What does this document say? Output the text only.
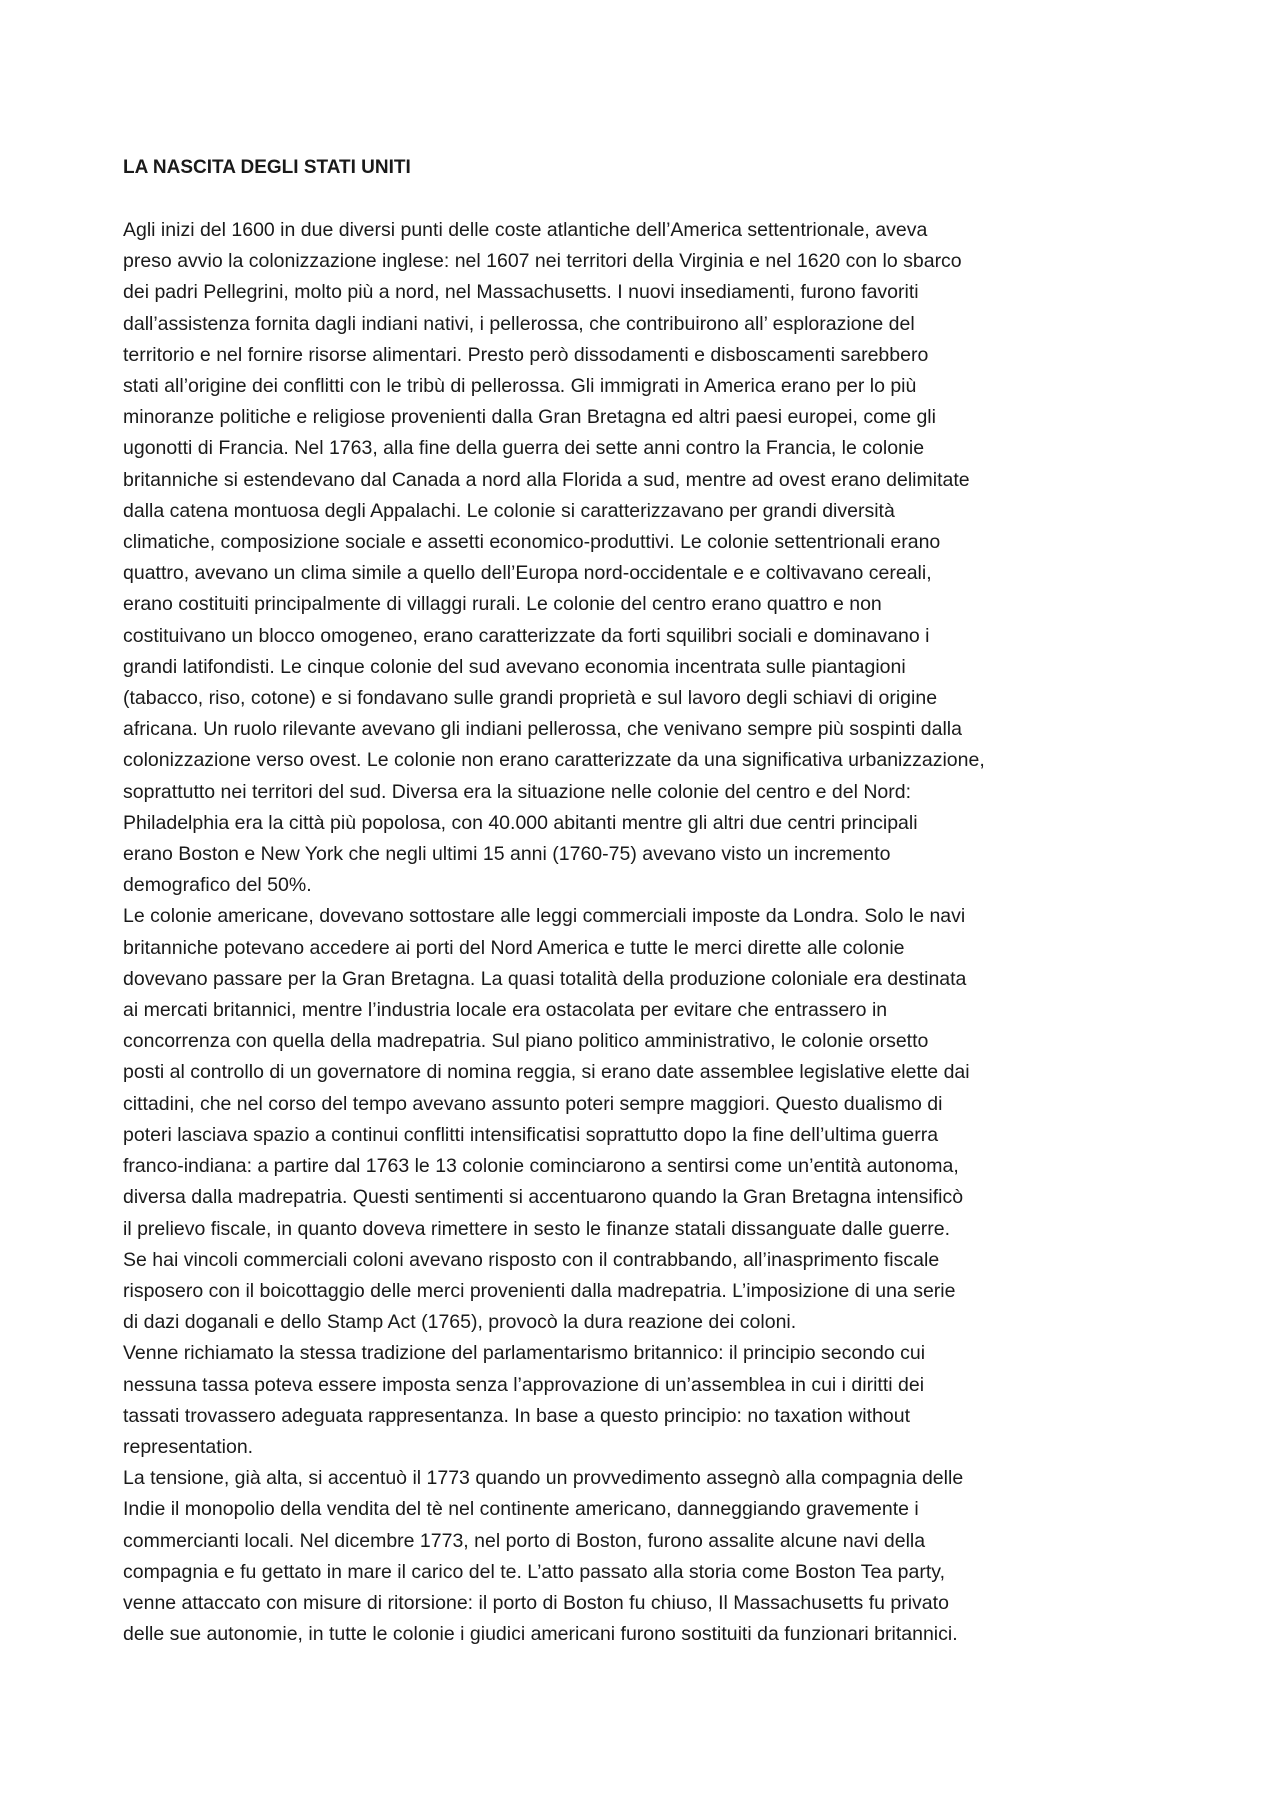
LA NASCITA DEGLI STATI UNITI

Agli inizi del 1600 in due diversi punti delle coste atlantiche dell’America settentrionale, aveva
preso avvio la colonizzazione inglese: nel 1607 nei territori della Virginia e nel 1620 con lo sbarco
dei padri Pellegrini, molto più a nord, nel Massachusetts. I nuovi insediamenti, furono favoriti
dall’assistenza fornita dagli indiani nativi, i pellerossa, che contribuirono all’ esplorazione del
territorio e nel fornire risorse alimentari. Presto però dissodamenti e disboscamenti sarebbero
stati all’origine dei conflitti con le tribù di pellerossa. Gli immigrati in America erano per lo più
minoranze politiche e religiose provenienti dalla Gran Bretagna ed altri paesi europei, come gli
ugonotti di Francia. Nel 1763, alla fine della guerra dei sette anni contro la Francia, le colonie
britanniche si estendevano dal Canada a nord alla Florida a sud, mentre ad ovest erano delimitate
dalla catena montuosa degli Appalachi. Le colonie si caratterizzavano per grandi diversità
climatiche, composizione sociale e assetti economico-produttivi. Le colonie settentrionali erano
quattro, avevano un clima simile a quello dell’Europa nord-occidentale e e coltivavano cereali,
erano costituiti principalmente di villaggi rurali. Le colonie del centro erano quattro e non
costituivano un blocco omogeneo, erano caratterizzate da forti squilibri sociali e dominavano i
grandi latifondisti. Le cinque colonie del sud avevano economia incentrata sulle piantagioni
(tabacco, riso, cotone) e si fondavano sulle grandi proprietà e sul lavoro degli schiavi di origine
africana. Un ruolo rilevante avevano gli indiani pellerossa, che venivano sempre più sospinti dalla
colonizzazione verso ovest. Le colonie non erano caratterizzate da una significativa urbanizzazione,
soprattutto nei territori del sud. Diversa era la situazione nelle colonie del centro e del Nord:
Philadelphia era la città più popolosa, con 40.000 abitanti mentre gli altri due centri principali
erano Boston e New York che negli ultimi 15 anni (1760-75) avevano visto un incremento
demografico del 50%.

Le colonie americane, dovevano sottostare alle leggi commerciali imposte da Londra. Solo le navi
britanniche potevano accedere ai porti del Nord America e tutte le merci dirette alle colonie
dovevano passare per la Gran Bretagna. La quasi totalità della produzione coloniale era destinata
ai mercati britannici, mentre l’industria locale era ostacolata per evitare che entrassero in
concorrenza con quella della madrepatria. Sul piano politico amministrativo, le colonie orsetto
posti al controllo di un governatore di nomina reggia, si erano date assemblee legislative elette dai
cittadini, che nel corso del tempo avevano assunto poteri sempre maggiori. Questo dualismo di
poteri lasciava spazio a continui conflitti intensificatisi soprattutto dopo la fine dell’ultima guerra
franco-indiana: a partire dal 1763 le 13 colonie cominciarono a sentirsi come un’entità autonoma,
diversa dalla madrepatria. Questi sentimenti si accentuarono quando la Gran Bretagna intensificò
il prelievo fiscale, in quanto doveva rimettere in sesto le finanze statali dissanguate dalle guerre.
Se hai vincoli commerciali coloni avevano risposto con il contrabbando, all’inasprimento fiscale
risposero con il boicottaggio delle merci provenienti dalla madrepatria. L’imposizione di una serie
di dazi doganali e dello Stamp Act (1765), provocò la dura reazione dei coloni.

Venne richiamato la stessa tradizione del parlamentarismo britannico: il principio secondo cui
nessuna tassa poteva essere imposta senza l’approvazione di un’assemblea in cui i diritti dei
tassati trovassero adeguata rappresentanza. In base a questo principio: no taxation without
representation.

La tensione, già alta, si accentuò il 1773 quando un provvedimento assegnò alla compagnia delle
Indie il monopolio della vendita del tè nel continente americano, danneggiando gravemente i
commercianti locali. Nel dicembre 1773, nel porto di Boston, furono assalite alcune navi della
compagnia e fu gettato in mare il carico del te. L’atto passato alla storia come Boston Tea party,
venne attaccato con misure di ritorsione: il porto di Boston fu chiuso, Il Massachusetts fu privato
delle sue autonomie, in tutte le colonie i giudici americani furono sostituiti da funzionari britannici.
